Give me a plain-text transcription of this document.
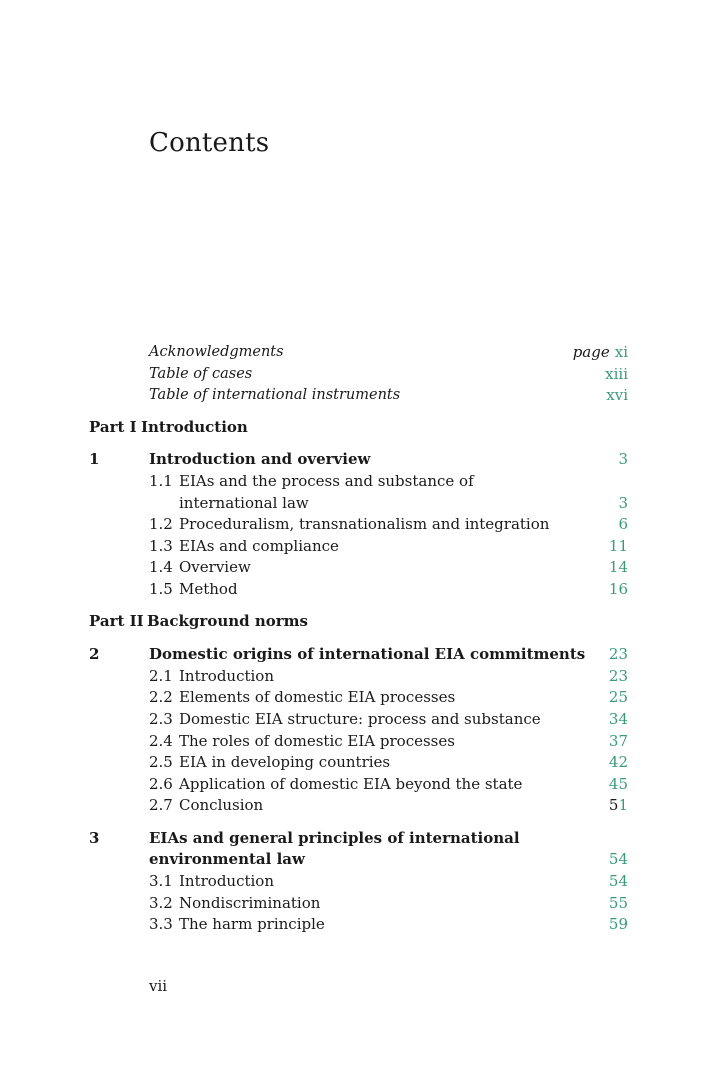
Contents
Acknowledgments	page xi
Table of cases	xiii
Table of international instruments	xvi
Part I Introduction
1	Introduction and overview	3
1.1 EIAs and the process and substance of
international law	3
1.2 Proceduralism, transnationalism and integration	6
1.3 EIAs and compliance	11
1.4 Overview	14
1.5 Method	16
Part II Background norms
2	Domestic origins of international EIA commitments 23
2.1 Introduction	23
2.2 Elements of domestic EIA processes	25
2.3 Domestic EIA structure: process and substance	34
2.4 The roles of domestic EIA processes	37
2.5 EIA in developing countries	42
2.6 Application of domestic EIA beyond the state	45
2.7 Conclusion	51
3	EIAs and general principles of international
environmental law	54
3.1 Introduction	54
3.2 Nondiscrimination	55
3.3 The harm principle	59
vii
